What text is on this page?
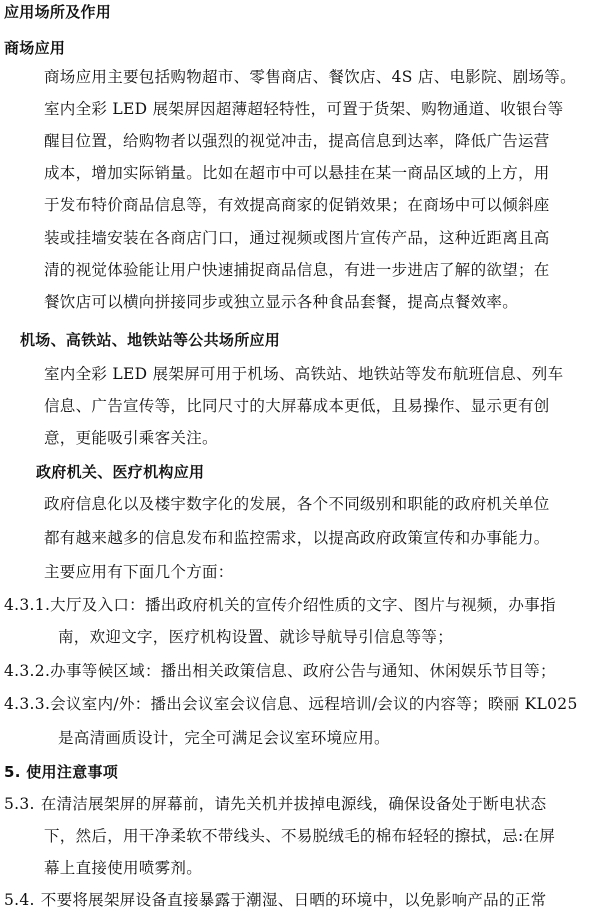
应用场所及作用
商场应用
商场应用主要包括购物超市、零售商店、餐饮店、4S 店、电影院、剧场等。
室内全彩 LED 展架屏因超薄超轻特性，可置于货架、购物通道、收银台等
醒目位置，给购物者以强烈的视觉冲击，提高信息到达率，降低广告运营
成本，增加实际销量。比如在超市中可以悬挂在某一商品区域的上方，用
于发布特价商品信息等，有效提高商家的促销效果；在商场中可以倾斜座
装或挂墙安装在各商店门口，通过视频或图片宣传产品，这种近距离且高
清的视觉体验能让用户快速捕捉商品信息，有进一步进店了解的欲望；在
餐饮店可以横向拼接同步或独立显示各种食品套餐，提高点餐效率。
机场、高铁站、地铁站等公共场所应用
室内全彩 LED 展架屏可用于机场、高铁站、地铁站等发布航班信息、列车
信息、广告宣传等，比同尺寸的大屏幕成本更低，且易操作、显示更有创
意，更能吸引乘客关注。
政府机关、医疗机构应用
政府信息化以及楼宇数字化的发展，各个不同级别和职能的政府机关单位
都有越来越多的信息发布和监控需求，以提高政府政策宣传和办事能力。
主要应用有下面几个方面：
4.3.1.大厅及入口：播出政府机关的宣传介绍性质的文字、图片与视频，办事指
南，欢迎文字，医疗机构设置、就诊导航导引信息等等；
4.3.2.办事等候区域：播出相关政策信息、政府公告与通知、休闲娱乐节目等；
4.3.3.会议室内/外：播出会议室会议信息、远程培训/会议的内容等；睽丽 KL025
是高清画质设计，完全可满足会议室环境应用。
5. 使用注意事项
5.3. 在清洁展架屏的屏幕前，请先关机并拔掉电源线，确保设备处于断电状态
下，然后，用干净柔软不带线头、不易脱绒毛的棉布轻轻的擦拭，忌:在屏
幕上直接使用喷雾剂。
5.4. 不要将展架屏设备直接暴露于潮湿、日晒的环境中，以免影响产品的正常
